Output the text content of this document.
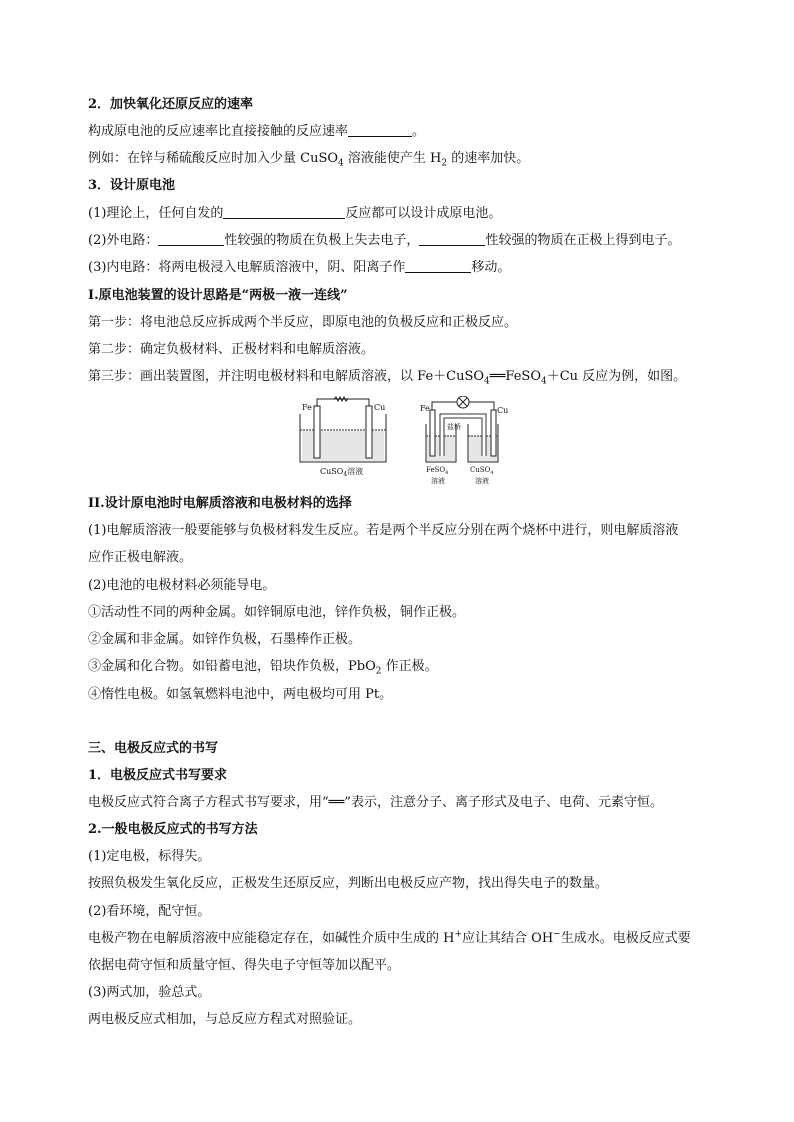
2．加快氧化还原反应的速率
构成原电池的反应速率比直接接触的反应速率	。
例如：在锌与稀硫酸反应时加入少量 CuSO$_4$ 溶液能使产生 $H_2$ 的速率加快。
3．设计原电池
(1)理论上，任何自发的	反应都可以设计成原电池。
(2)外电路：	性较强的物质在负极上失去电子，	性较强的物质在正极上得到电子。
(3)内电路：将两电极浸入电解质溶液中，阴、阳离子作	移动。
I.原电池装置的设计思路是“两极一液一连线”
第一步：将电池总反应拆成两个半反应，即原电池的负极反应和正极反应。
第二步：确定负极材料、正极材料和电解质溶液。
第三步：画出装置图，并注明电极材料和电解质溶液，以 Fe＋CuSO$_4$══FeSO$_4$＋Cu 反应为例，如图。
Fe	Cu
CuSO$_4$溶液
Fe	Cu
盐桥
FeSO$_4$
溶液
CuSO$_4$
溶液
II.设计原电池时电解质溶液和电极材料的选择
(1)电解质溶液一般要能够与负极材料发生反应。若是两个半反应分别在两个烧杯中进行，则电解质溶液
应作正极电解液。
(2)电池的电极材料必须能导电。
①活动性不同的两种金属。如锌铜原电池，锌作负极，铜作正极。
②金属和非金属。如锌作负极，石墨棒作正极。
③金属和化合物。如铅蓄电池，铅块作负极，PbO$_2$ 作正极。
④惰性电极。如氢氧燃料电池中，两电极均可用 Pt。
三、电极反应式的书写
1．电极反应式书写要求
电极反应式符合离子方程式书写要求，用“══”表示，注意分子、离子形式及电子、电荷、元素守恒。
2.一般电极反应式的书写方法
(1)定电极，标得失。
按照负极发生氧化反应，正极发生还原反应，判断出电极反应产物，找出得失电子的数量。
(2)看环境，配守恒。
电极产物在电解质溶液中应能稳定存在，如碱性介质中生成的 H+应让其结合 OH−生成水。电极反应式要
依据电荷守恒和质量守恒、得失电子守恒等加以配平。
(3)两式加，验总式。
两电极反应式相加，与总反应方程式对照验证。
